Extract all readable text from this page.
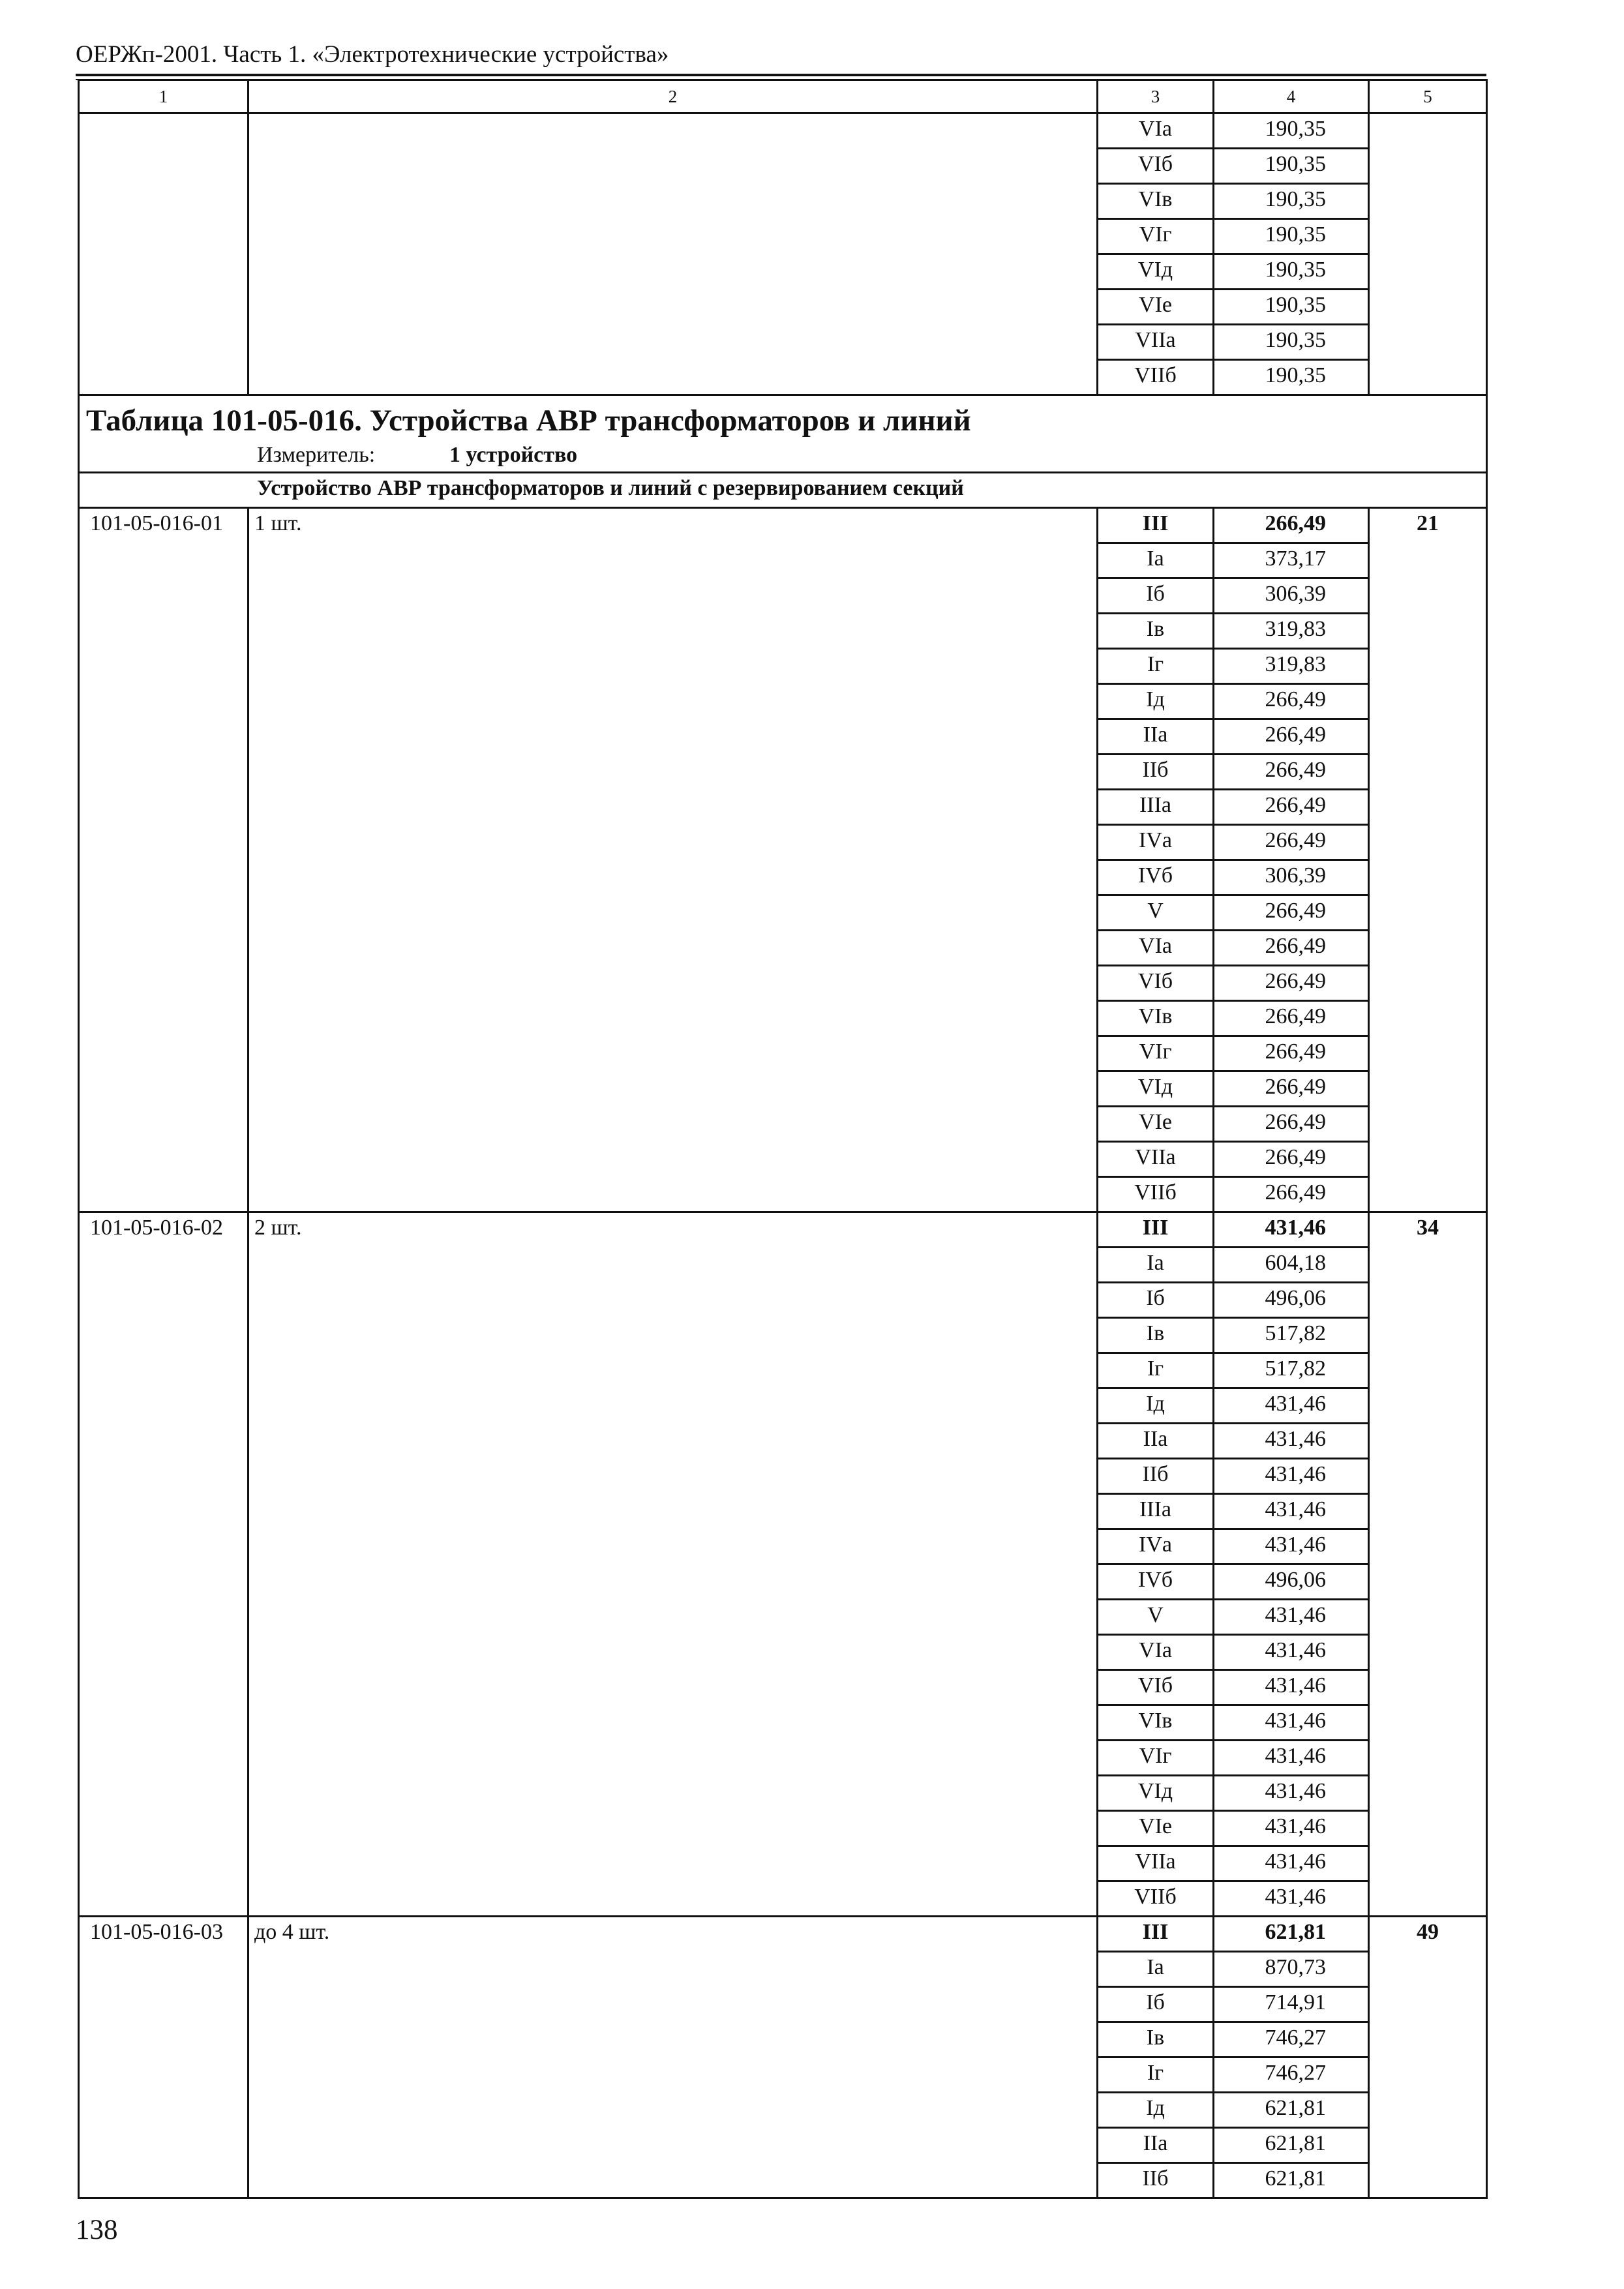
ОЕРЖп-2001. Часть 1. «Электротехнические устройства»
1	2	3	4	5
		VIа	190,35	
		VIб	190,35	
		VIв	190,35	
		VIг	190,35	
		VIд	190,35	
		VIе	190,35	
		VIIа	190,35	
		VIIб	190,35	

Таблица 101-05-016. Устройства АВР трансформаторов и линий
Измеритель: 1 устройство				

Устройство АВР трансформаторов и линий с резервированием секций				
101-05-016-01	1 шт.	III	266,49	21
		Iа	373,17	
		Iб	306,39	
		Iв	319,83	
		Iг	319,83	
		Iд	266,49	
		IIа	266,49	
		IIб	266,49	
		IIIа	266,49	
		IVа	266,49	
		IVб	306,39	
		V	266,49	
		VIа	266,49	
		VIб	266,49	
		VIв	266,49	
		VIг	266,49	
		VIд	266,49	
		VIе	266,49	
		VIIа	266,49	
		VIIб	266,49	
101-05-016-02	2 шт.	III	431,46	34
		Iа	604,18	
		Iб	496,06	
		Iв	517,82	
		Iг	517,82	
		Iд	431,46	
		IIа	431,46	
		IIб	431,46	
		IIIа	431,46	
		IVа	431,46	
		IVб	496,06	
		V	431,46	
		VIа	431,46	
		VIб	431,46	
		VIв	431,46	
		VIг	431,46	
		VIд	431,46	
		VIе	431,46	
		VIIа	431,46	
		VIIб	431,46	
101-05-016-03	до 4 шт.	III	621,81	49
		Iа	870,73	
		Iб	714,91	
		Iв	746,27	
		Iг	746,27	
		Iд	621,81	
		IIа	621,81	
		IIб	621,81	
138
